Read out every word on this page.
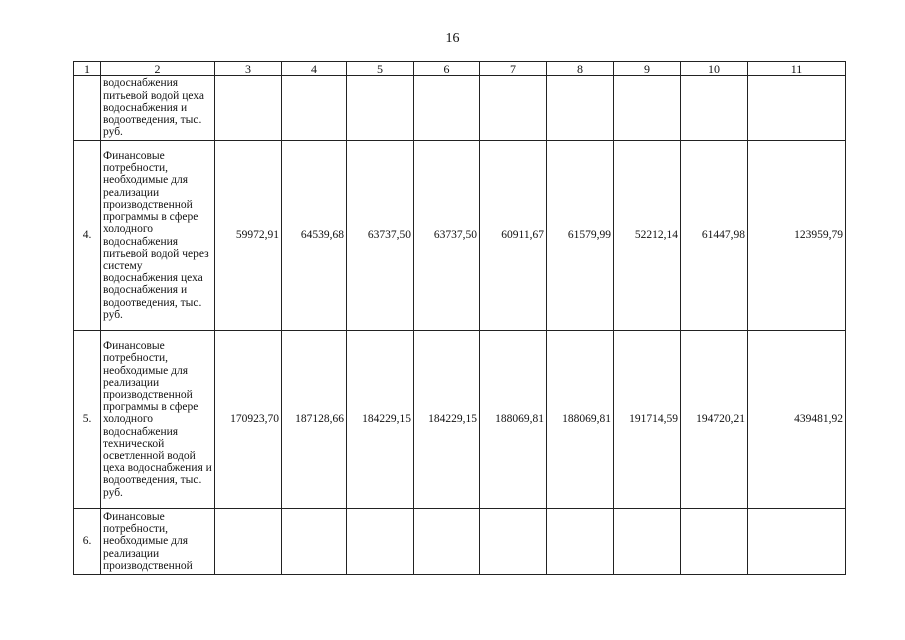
16
1	2	3	4	5	6	7	8	9	10	11
	водоснабжения питьевой водой цеха водоснабжения и водоотведения, тыс. руб.									
4.	Финансовые потребности, необходимые для реализации производственной программы в сфере холодного водоснабжения питьевой водой через систему водоснабжения цеха водоснабжения и водоотведения, тыс. руб.	59972,91	64539,68	63737,50	63737,50	60911,67	61579,99	52212,14	61447,98	123959,79
5.	Финансовые потребности, необходимые для реализации производственной программы в сфере холодного водоснабжения технической осветленной водой цеха водоснабжения и водоотведения, тыс. руб.	170923,70	187128,66	184229,15	184229,15	188069,81	188069,81	191714,59	194720,21	439481,92
6.	Финансовые потребности, необходимые для реализации производственной									
